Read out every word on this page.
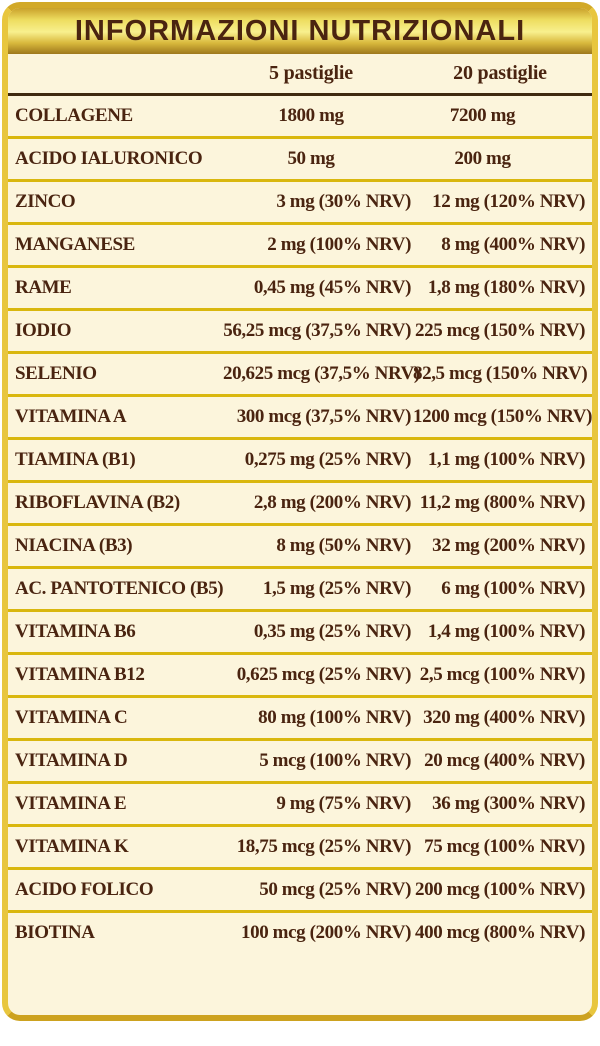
INFORMAZIONI NUTRIZIONALI
	5 pastiglie	20 pastiglie
COLLAGENE	1800 mg	7200 mg
ACIDO IALURONICO	50 mg	200 mg
ZINCO	3 mg (30% NRV)	12 mg (120% NRV)
MANGANESE	2 mg (100% NRV)	8 mg (400% NRV)
RAME	0,45 mg (45% NRV)	1,8 mg (180% NRV)
IODIO	56,25 mcg (37,5% NRV)	225 mcg (150% NRV)
SELENIO	20,625 mcg (37,5% NRV)	82,5 mcg (150% NRV)
VITAMINA A	300 mcg (37,5% NRV)	1200 mcg (150% NRV)
TIAMINA (B1)	0,275 mg (25% NRV)	1,1 mg (100% NRV)
RIBOFLAVINA (B2)	2,8 mg (200% NRV)	11,2 mg (800% NRV)
NIACINA (B3)	8 mg (50% NRV)	32 mg (200% NRV)
AC. PANTOTENICO (B5)	1,5 mg (25% NRV)	6 mg (100% NRV)
VITAMINA B6	0,35 mg (25% NRV)	1,4 mg (100% NRV)
VITAMINA B12	0,625 mcg (25% NRV)	2,5 mcg (100% NRV)
VITAMINA C	80 mg (100% NRV)	320 mg (400% NRV)
VITAMINA D	5 mcg (100% NRV)	20 mcg (400% NRV)
VITAMINA E	9 mg (75% NRV)	36 mg (300% NRV)
VITAMINA K	18,75 mcg (25% NRV)	75 mcg (100% NRV)
ACIDO FOLICO	50 mcg (25% NRV)	200 mcg (100% NRV)
BIOTINA	100 mcg (200% NRV)	400 mcg (800% NRV)
